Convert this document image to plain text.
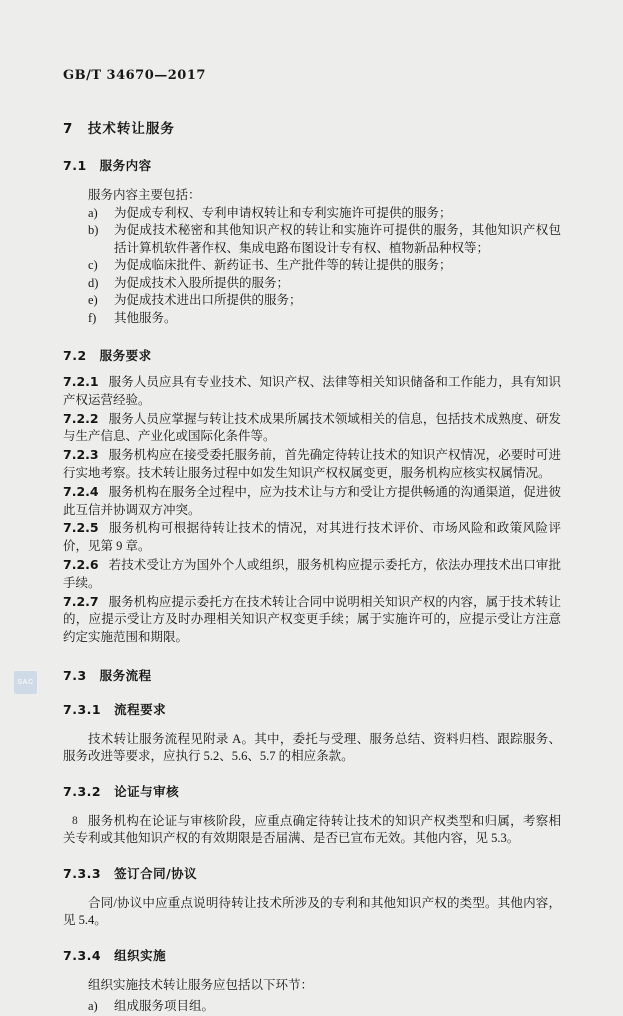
GB/T 34670—2017
7　技术转让服务
7.1　服务内容
服务内容主要包括：
a)	为促成专利权、专利申请权转让和专利实施许可提供的服务；
b)	为促成技术秘密和其他知识产权的转让和实施许可提供的服务，其他知识产权包括计算机软件著作权、集成电路布图设计专有权、植物新品种权等；
c)	为促成临床批件、新药证书、生产批件等的转让提供的服务；
d)	为促成技术入股所提供的服务；
e)	为促成技术进出口所提供的服务；
f)	其他服务。
7.2　服务要求

7.2.1 服务人员应具有专业技术、知识产权、法律等相关知识储备和工作能力，具有知识产权运营经验。

7.2.2 服务人员应掌握与转让技术成果所属技术领域相关的信息，包括技术成熟度、研发与生产信息、产业化或国际化条件等。

7.2.3 服务机构应在接受委托服务前，首先确定待转让技术的知识产权情况，必要时可进行实地考察。技术转让服务过程中如发生知识产权权属变更，服务机构应核实权属情况。

7.2.4 服务机构在服务全过程中，应为技术让与方和受让方提供畅通的沟通渠道，促进彼此互信并协调双方冲突。

7.2.5 服务机构可根据待转让技术的情况，对其进行技术评价、市场风险和政策风险评价，见第 9 章。

7.2.6 若技术受让方为国外个人或组织，服务机构应提示委托方，依法办理技术出口审批手续。

7.2.7 服务机构应提示委托方在技术转让合同中说明相关知识产权的内容，属于技术转让的，应提示受让方及时办理相关知识产权变更手续；属于实施许可的，应提示受让方注意约定实施范围和期限。

7.3　服务流程
7.3.1　流程要求
技术转让服务流程见附录 A。其中，委托与受理、服务总结、资料归档、跟踪服务、服务改进等要求，应执行 5.2、5.6、5.7 的相应条款。
7.3.2　论证与审核
服务机构在论证与审核阶段，应重点确定待转让技术的知识产权类型和归属，考察相关专利或其他知识产权的有效期限是否届满、是否已宣布无效。其他内容，见 5.3。
7.3.3　签订合同/协议
合同/协议中应重点说明待转让技术所涉及的专利和其他知识产权的类型。其他内容，见 5.4。
7.3.4　组织实施
组织实施技术转让服务应包括以下环节：
a)	组成服务项目组。
SAC
8
